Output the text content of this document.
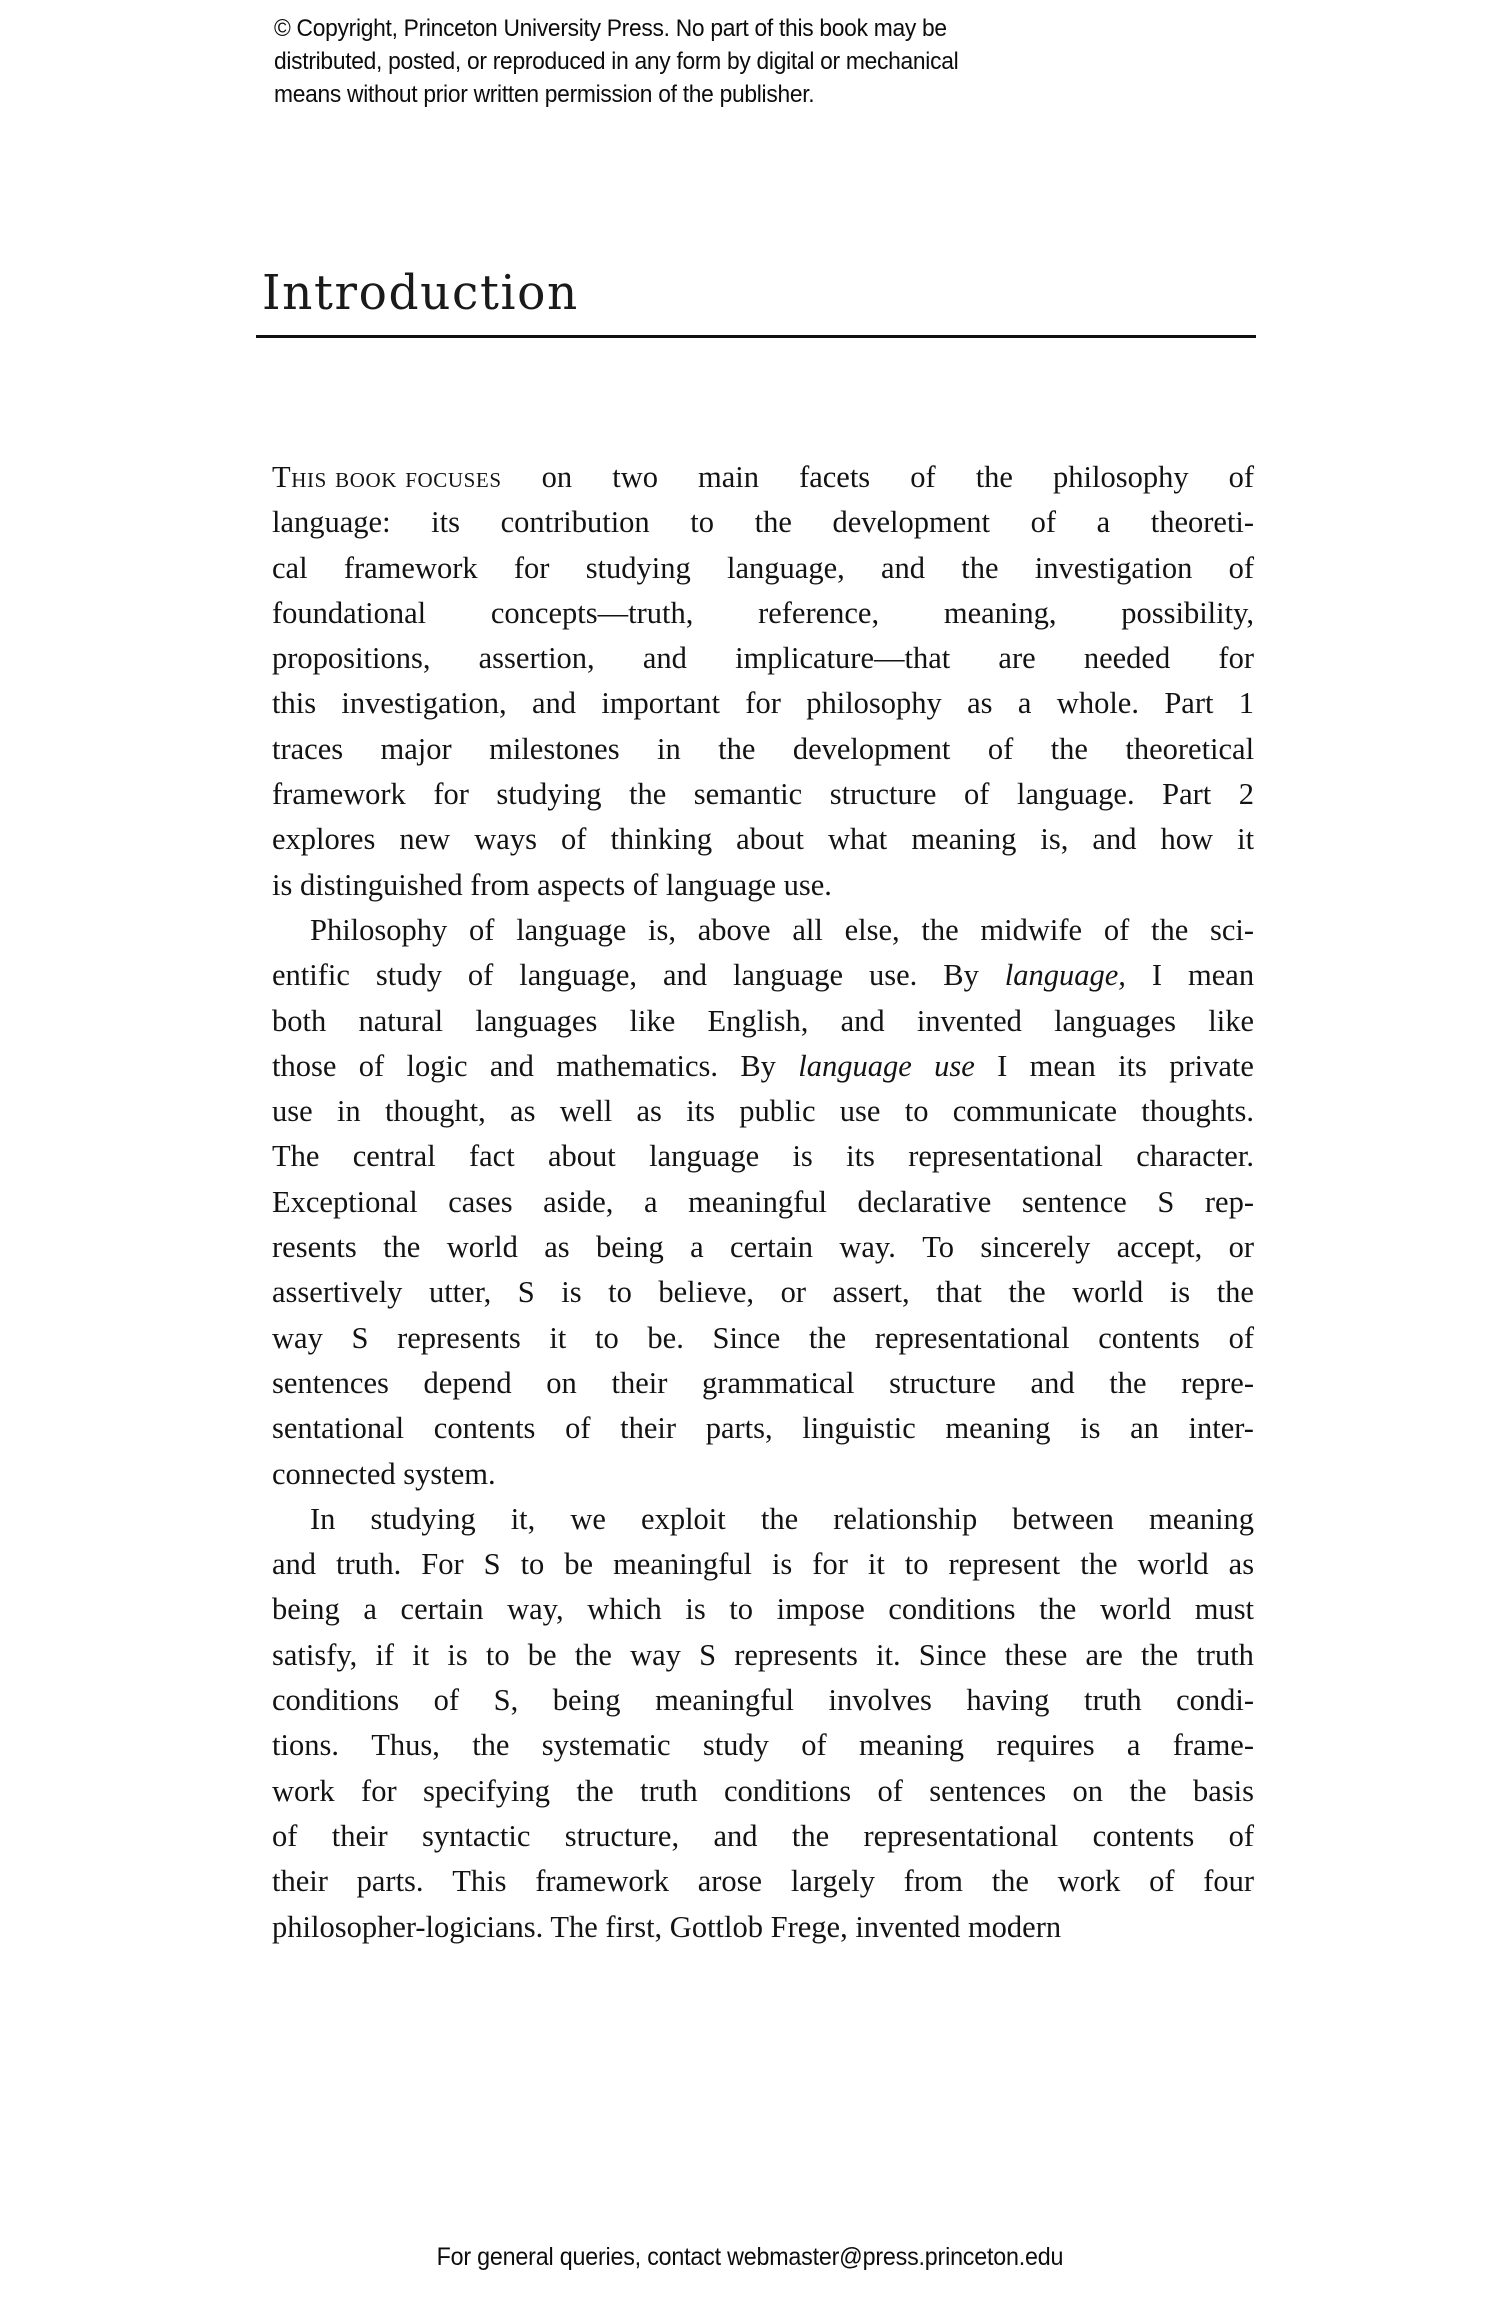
© Copyright, Princeton University Press. No part of this book may be
distributed, posted, or reproduced in any form by digital or mechanical
means without prior written permission of the publisher.
Introduction

This book focuses on two main facets of the philosophy of
language: its contribution to the development of a theoreti-
cal framework for studying language, and the investigation of
foundational concepts—truth, reference, meaning, possibility,
propositions, assertion, and implicature—that are needed for
this investigation, and important for philosophy as a whole. Part 1
traces major milestones in the development of the theoretical
framework for studying the semantic structure of language. Part 2
explores new ways of thinking about what meaning is, and how it
is distinguished from aspects of language use.

Philosophy of language is, above all else, the midwife of the sci-
entific study of language, and language use. By language, I mean
both natural languages like English, and invented languages like
those of logic and mathematics. By language use I mean its private
use in thought, as well as its public use to communicate thoughts.
The central fact about language is its representational character.
Exceptional cases aside, a meaningful declarative sentence S rep-
resents the world as being a certain way. To sincerely accept, or
assertively utter, S is to believe, or assert, that the world is the
way S represents it to be. Since the representational contents of
sentences depend on their grammatical structure and the repre-
sentational contents of their parts, linguistic meaning is an inter-
connected system.

In studying it, we exploit the relationship between meaning
and truth. For S to be meaningful is for it to represent the world as
being a certain way, which is to impose conditions the world must
satisfy, if it is to be the way S represents it. Since these are the truth
conditions of S, being meaningful involves having truth condi-
tions. Thus, the systematic study of meaning requires a frame-
work for specifying the truth conditions of sentences on the basis
of their syntactic structure, and the representational contents of
their parts. This framework arose largely from the work of four
philosopher-logicians. The first, Gottlob Frege, invented modern

For general queries, contact webmaster@press.princeton.edu
